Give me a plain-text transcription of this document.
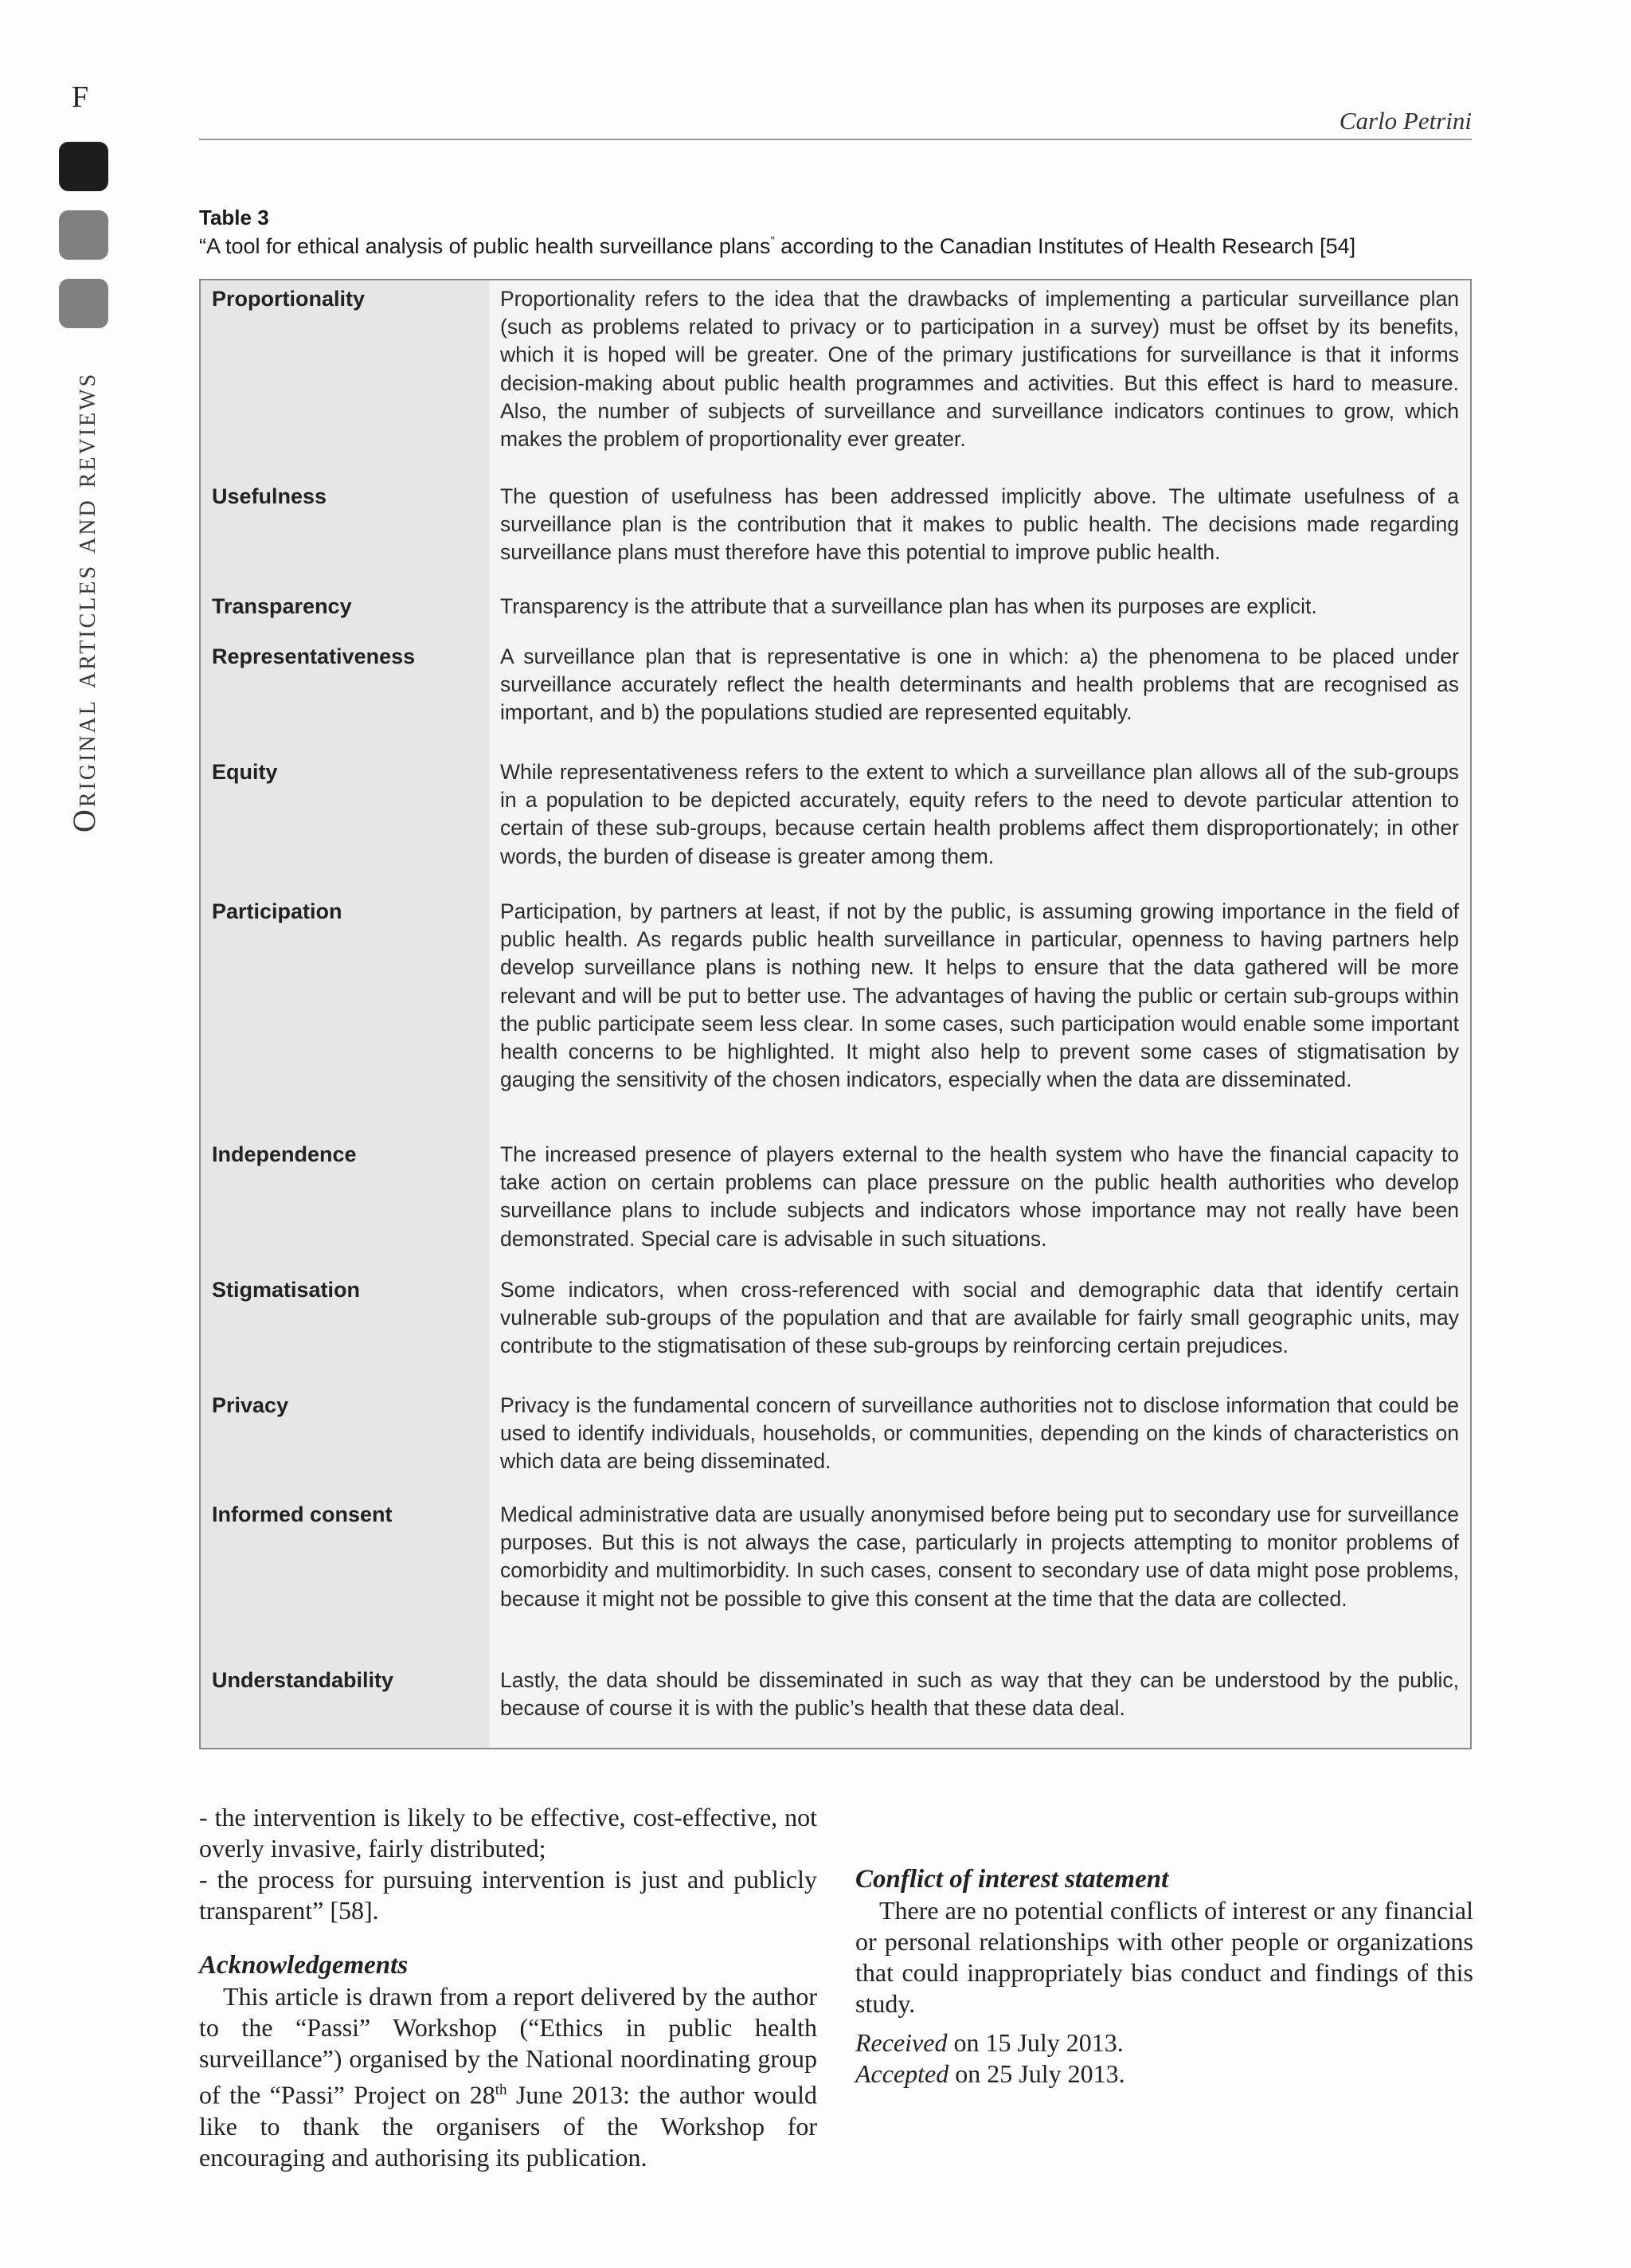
F
Original articles and reviews
Carlo Petrini
Table 3
“A tool for ethical analysis of public health surveillance plans” according to the Canadian Institutes of Health Research [54]
Proportionality	Proportionality refers to the idea that the drawbacks of implementing a particular surveillance plan (such as problems related to privacy or to participation in a survey) must be offset by its benefits, which it is hoped will be greater. One of the primary justifications for surveillance is that it informs decision-making about public health programmes and activities. But this effect is hard to measure. Also, the number of subjects of surveillance and surveillance indicators continues to grow, which makes the problem of proportionality ever greater.
Usefulness	The question of usefulness has been addressed implicitly above. The ultimate usefulness of a surveillance plan is the contribution that it makes to public health. The decisions made regarding surveillance plans must therefore have this potential to improve public health.
Transparency	Transparency is the attribute that a surveillance plan has when its purposes are explicit.
Representativeness	A surveillance plan that is representative is one in which: a) the phenomena to be placed under surveillance accurately reflect the health determinants and health problems that are recognised as important, and b) the populations studied are represented equitably.
Equity	While representativeness refers to the extent to which a surveillance plan allows all of the sub-groups in a population to be depicted accurately, equity refers to the need to devote particular attention to certain of these sub-groups, because certain health problems affect them disproportionately; in other words, the burden of disease is greater among them.
Participation	Participation, by partners at least, if not by the public, is assuming growing importance in the field of public health. As regards public health surveillance in particular, openness to having partners help develop surveillance plans is nothing new. It helps to ensure that the data gathered will be more relevant and will be put to better use. The advantages of having the public or certain sub-groups within the public participate seem less clear. In some cases, such participation would enable some important health concerns to be highlighted. It might also help to prevent some cases of stigmatisation by gauging the sensitivity of the chosen indicators, especially when the data are disseminated.
Independence	The increased presence of players external to the health system who have the financial capacity to take action on certain problems can place pressure on the public health authorities who develop surveillance plans to include subjects and indicators whose importance may not really have been demonstrated. Special care is advisable in such situations.
Stigmatisation	Some indicators, when cross-referenced with social and demographic data that identify certain vulnerable sub-groups of the population and that are available for fairly small geographic units, may contribute to the stigmatisation of these sub-groups by reinforcing certain prejudices.
Privacy	Privacy is the fundamental concern of surveillance authorities not to disclose information that could be used to identify individuals, households, or communities, depending on the kinds of characteristics on which data are being disseminated.
Informed consent	Medical administrative data are usually anonymised before being put to secondary use for surveillance purposes. But this is not always the case, particularly in projects attempting to monitor problems of comorbidity and multimorbidity. In such cases, consent to secondary use of data might pose problems, because it might not be possible to give this consent at the time that the data are collected.
Understandability	Lastly, the data should be disseminated in such as way that they can be understood by the public, because of course it is with the public’s health that these data deal.

- the intervention is likely to be effective, cost-effective, not overly invasive, fairly distributed;

- the process for pursuing intervention is just and publicly transparent” [58].

Acknowledgements

This article is drawn from a report delivered by the author to the “Passi” Workshop (“Ethics in public health surveillance”) organised by the National noordinating group of the “Passi” Project on 28th June 2013: the author would like to thank the organisers of the Workshop for encouraging and authorising its publication.

Conflict of interest statement

There are no potential conflicts of interest or any financial or personal relationships with other people or organizations that could inappropriately bias conduct and findings of this study.

Received on 15 July 2013.

Accepted on 25 July 2013.
